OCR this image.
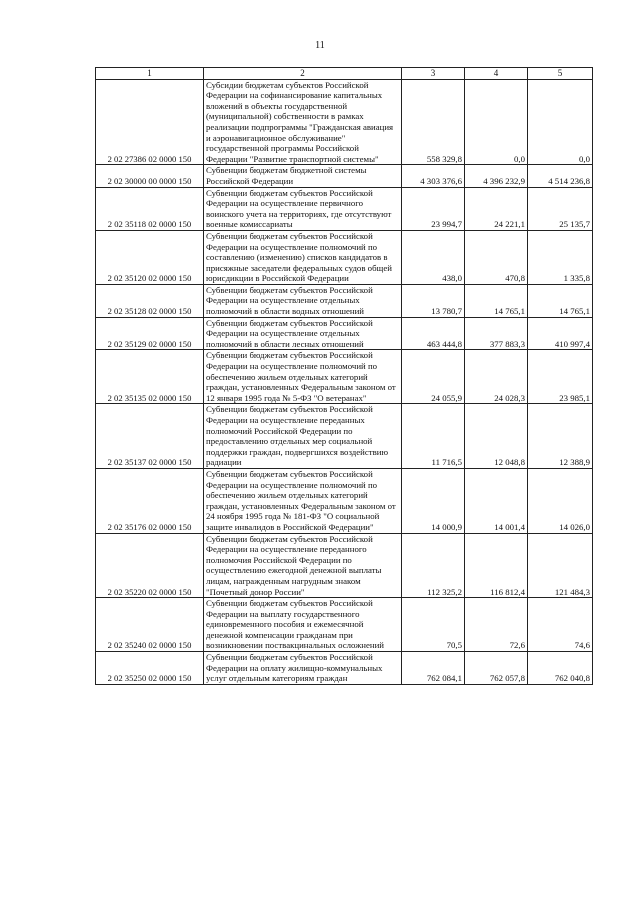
11
1	2	3	4	5
2 02 27386 02 0000 150	Субсидии бюджетам субъектов Российской Федерации на софинансирование капитальных вложений в объекты государственной (муниципальной) собственности в рамках реализации подпрограммы "Гражданская авиация и аэронавигационное обслуживание" государственной программы Российской Федерации "Развитие транспортной системы"	558 329,8	0,0	0,0
2 02 30000 00 0000 150	Субвенции бюджетам бюджетной системы Российской Федерации	4 303 376,6	4 396 232,9	4 514 236,8
2 02 35118 02 0000 150	Субвенции бюджетам субъектов Российской Федерации на осуществление первичного воинского учета на территориях, где отсутствуют военные комиссариаты	23 994,7	24 221,1	25 135,7
2 02 35120 02 0000 150	Субвенции бюджетам субъектов Российской Федерации на осуществление полномочий по составлению (изменению) списков кандидатов в присяжные заседатели федеральных судов общей юрисдикции в Российской Федерации	438,0	470,8	1 335,8
2 02 35128 02 0000 150	Субвенции бюджетам субъектов Российской Федерации на осуществление отдельных полномочий в области водных отношений	13 780,7	14 765,1	14 765,1
2 02 35129 02 0000 150	Субвенции бюджетам субъектов Российской Федерации на осуществление отдельных полномочий в области лесных отношений	463 444,8	377 883,3	410 997,4
2 02 35135 02 0000 150	Субвенции бюджетам субъектов Российской Федерации на осуществление полномочий по обеспечению жильем отдельных категорий граждан, установленных Федеральным законом от 12 января 1995 года № 5-ФЗ "О ветеранах"	24 055,9	24 028,3	23 985,1
2 02 35137 02 0000 150	Субвенции бюджетам субъектов Российской Федерации на осуществление переданных полномочий Российской Федерации по предоставлению отдельных мер социальной поддержки граждан, подвергшихся воздействию радиации	11 716,5	12 048,8	12 388,9
2 02 35176 02 0000 150	Субвенции бюджетам субъектов Российской Федерации на осуществление полномочий по обеспечению жильем отдельных категорий граждан, установленных Федеральным законом от 24 ноября 1995 года № 181-ФЗ "О социальной защите инвалидов в Российской Федерации"	14 000,9	14 001,4	14 026,0
2 02 35220 02 0000 150	Субвенции бюджетам субъектов Российской Федерации на осуществление переданного полномочия Российской Федерации по осуществлению ежегодной денежной выплаты лицам, награжденным нагрудным знаком "Почетный донор России"	112 325,2	116 812,4	121 484,3
2 02 35240 02 0000 150	Субвенции бюджетам субъектов Российской Федерации на выплату государственного единовременного пособия и ежемесячной денежной компенсации гражданам при возникновении поствакцинальных осложнений	70,5	72,6	74,6
2 02 35250 02 0000 150	Субвенции бюджетам субъектов Российской Федерации на оплату жилищно-коммунальных услуг отдельным категориям граждан	762 084,1	762 057,8	762 040,8
